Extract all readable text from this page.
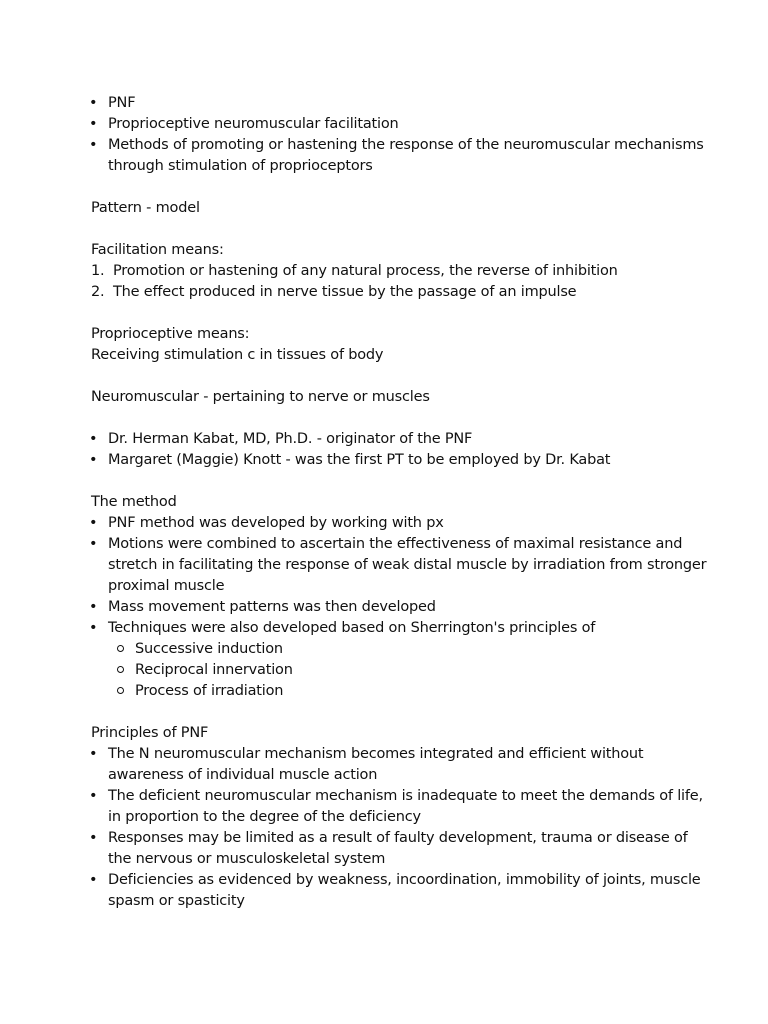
• PNF
• Proprioceptive neuromuscular facilitation
• Methods of promoting or hastening the response of the neuromuscular mechanisms through stimulation of proprioceptors

Pattern - model

Facilitation means:

1. Promotion or hastening of any natural process, the reverse of inhibition
2. The effect produced in nerve tissue by the passage of an impulse

Proprioceptive means:

Receiving stimulation c in tissues of body

Neuromuscular - pertaining to nerve or muscles

• Dr. Herman Kabat, MD, Ph.D. - originator of the PNF
• Margaret (Maggie) Knott - was the first PT to be employed by Dr. Kabat

The method

• PNF method was developed by working with px
• Motions were combined to ascertain the effectiveness of maximal resistance and stretch in facilitating the response of weak distal muscle by irradiation from stronger proximal muscle
• Mass movement patterns was then developed
• Techniques were also developed based on Sherrington's principles of
Successive induction
Reciprocal innervation
Process of irradiation

Principles of PNF

• The N neuromuscular mechanism becomes integrated and efficient without awareness of individual muscle action
• The deficient neuromuscular mechanism is inadequate to meet the demands of life, in proportion to the degree of the deficiency
• Responses may be limited as a result of faulty development, trauma or disease of the nervous or musculoskeletal system
• Deficiencies as evidenced by weakness, incoordination, immobility of joints, muscle spasm or spasticity
